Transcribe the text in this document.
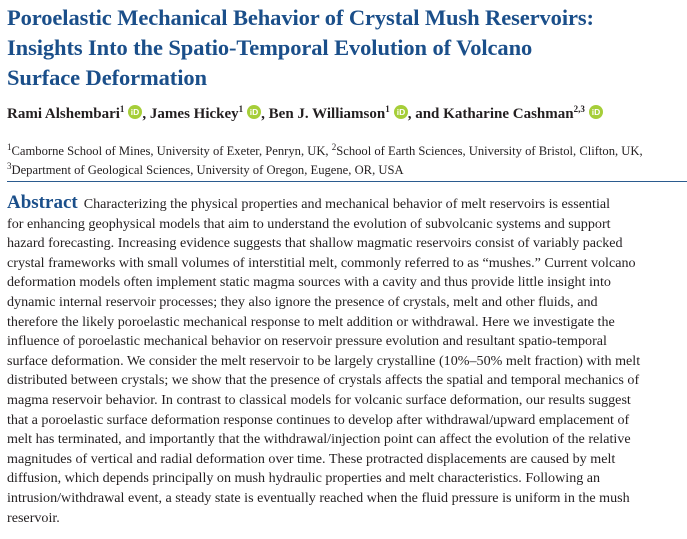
Poroelastic Mechanical Behavior of Crystal Mush Reservoirs:
Insights Into the Spatio-Temporal Evolution of Volcano
Surface Deformation
Rami Alshembari$^1$ iD , James Hickey$^1$ iD , Ben J. Williamson$^1$ iD , and Katharine Cashman$^{2,3}$ iD
$^1$Camborne School of Mines, University of Exeter, Penryn, UK, $^2$School of Earth Sciences, University of Bristol, Clifton, UK,
$^3$Department of Geological Sciences, University of Oregon, Eugene, OR, USA
Abstract Characterizing the physical properties and mechanical behavior of melt reservoirs is essential
for enhancing geophysical models that aim to understand the evolution of subvolcanic systems and support
hazard forecasting. Increasing evidence suggests that shallow magmatic reservoirs consist of variably packed
crystal frameworks with small volumes of interstitial melt, commonly referred to as “mushes.” Current volcano
deformation models often implement static magma sources with a cavity and thus provide little insight into
dynamic internal reservoir processes; they also ignore the presence of crystals, melt and other fluids, and
therefore the likely poroelastic mechanical response to melt addition or withdrawal. Here we investigate the
influence of poroelastic mechanical behavior on reservoir pressure evolution and resultant spatio-temporal
surface deformation. We consider the melt reservoir to be largely crystalline (10%–50% melt fraction) with melt
distributed between crystals; we show that the presence of crystals affects the spatial and temporal mechanics of
magma reservoir behavior. In contrast to classical models for volcanic surface deformation, our results suggest
that a poroelastic surface deformation response continues to develop after withdrawal/upward emplacement of
melt has terminated, and importantly that the withdrawal/injection point can affect the evolution of the relative
magnitudes of vertical and radial deformation over time. These protracted displacements are caused by melt
diffusion, which depends principally on mush hydraulic properties and melt characteristics. Following an
intrusion/withdrawal event, a steady state is eventually reached when the fluid pressure is uniform in the mush
reservoir.
